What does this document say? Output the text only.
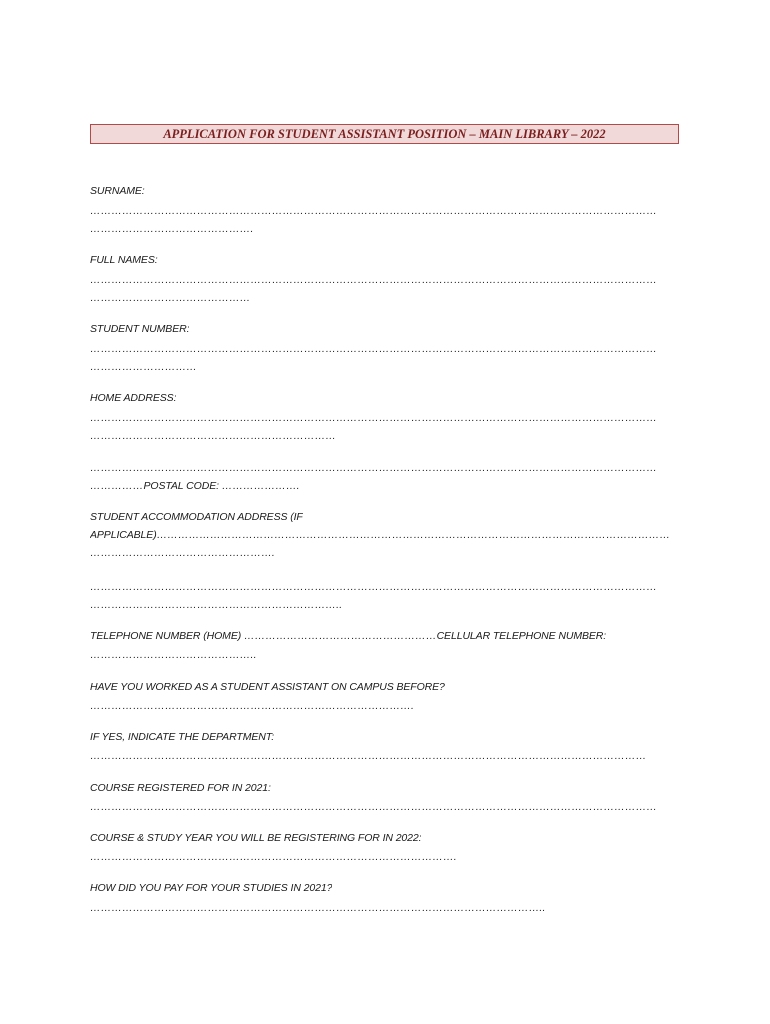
APPLICATION FOR STUDENT ASSISTANT POSITION – MAIN LIBRARY – 2022
SURNAME:
……………………………………………………………………………………………………………………………………………
……………………………………….
FULL NAMES:
……………………………………………………………………………………………………………………………………………
………………………………………
STUDENT NUMBER:
……………………………………………………………………………………………………………………………………………
…………………………
HOME ADDRESS:
……………………………………………………………………………………………………………………………………………
……………………………………………………………
……………………………………………………………………………………………………………………………………………
……………POSTAL CODE: ………………….
STUDENT ACCOMMODATION ADDRESS (IF
APPLICABLE)………………………………………………………………………………………………………………………………
…………………………………………….
……………………………………………………………………………………………………………………………………………
……………………………………………………………..
TELEPHONE NUMBER (HOME) ………………………………………………CELLULAR TELEPHONE NUMBER:
………………………………………..
HAVE YOU WORKED AS A STUDENT ASSISTANT ON CAMPUS BEFORE?
……………………………………………………………………………….
IF YES, INDICATE THE DEPARTMENT:
…………………………………………………………………………………………………………………………………………
COURSE REGISTERED FOR IN 2021:
……………………………………………………………………………………………………………………………………………
COURSE & STUDY YEAR YOU WILL BE REGISTERING FOR IN 2022:
………………………………………………………………………………………….
HOW DID YOU PAY FOR YOUR STUDIES IN 2021?
………………………………………………………………………………………………………………..
